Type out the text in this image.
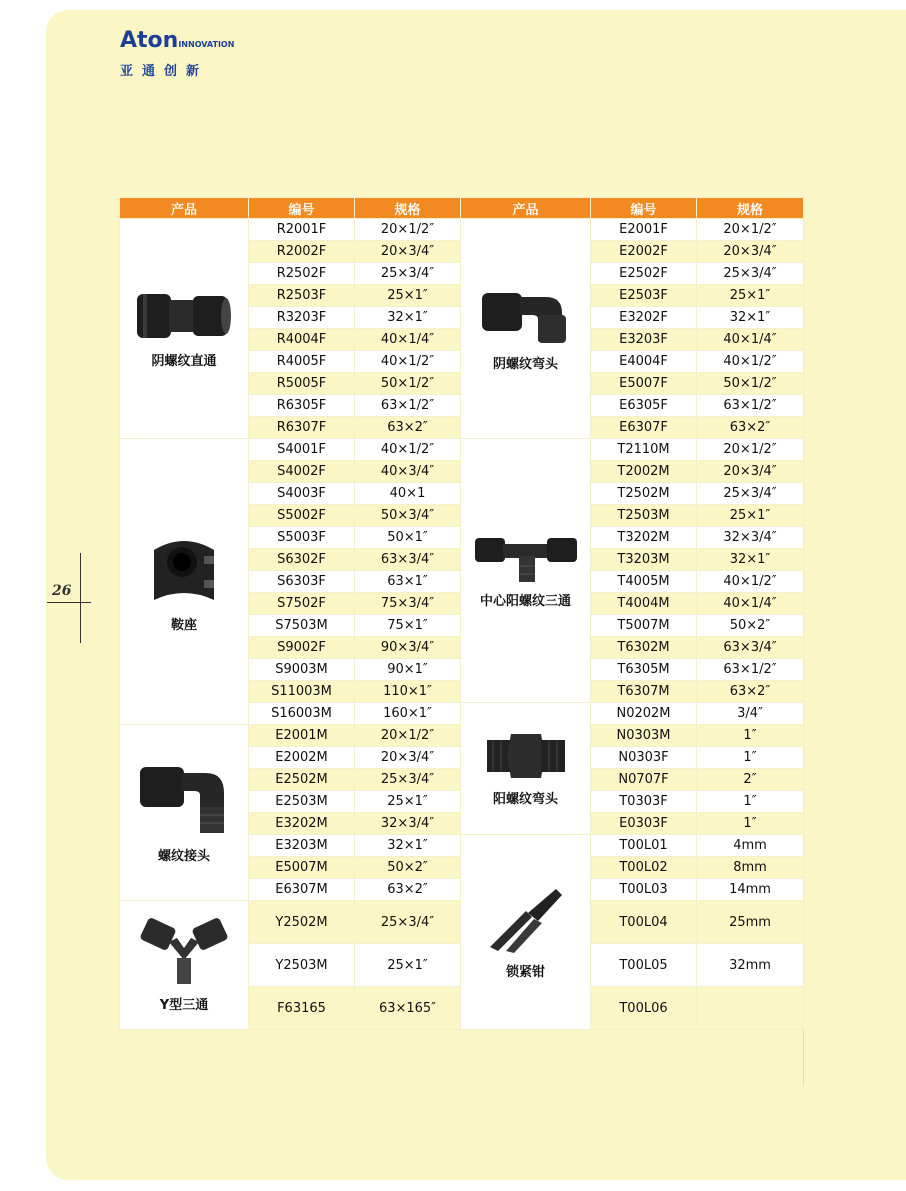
AtonINNOVATION
亚通创新
26
产品	编号	规格	产品	编号	规格

阴螺纹直通	R2001F	20×1/2″	阴螺纹弯头	E2001F	20×1/2″
	R2002F	20×3/4″		E2002F	20×3/4″
	R2502F	25×3/4″		E2502F	25×3/4″
	R2503F	25×1″		E2503F	25×1″
	R3203F	32×1″		E3202F	32×1″
	R4004F	40×1/4″		E3203F	40×1/4″
	R4005F	40×1/2″		E4004F	40×1/2″
	R5005F	50×1/2″		E5007F	50×1/2″
	R6305F	63×1/2″		E6305F	63×1/2″
	R6307F	63×2″		E6307F	63×2″

鞍座	S4001F	40×1/2″	中心阳螺纹三通	T2110M	20×1/2″
	S4002F	40×3/4″		T2002M	20×3/4″
	S4003F	40×1		T2502M	25×3/4″
	S5002F	50×3/4″		T2503M	25×1″
	S5003F	50×1″		T3202M	32×3/4″
	S6302F	63×3/4″		T3203M	32×1″
	S6303F	63×1″		T4005M	40×1/2″
	S7502F	75×3/4″		T4004M	40×1/4″
	S7503M	75×1″		T5007M	50×2″
	S9002F	90×3/4″		T6302M	63×3/4″
	S9003M	90×1″		T6305M	63×1/2″
	S11003M	110×1″		T6307M	63×2″
	S16003M	160×1″	阳螺纹弯头	N0202M	3/4″

螺纹接头	E2001M	20×1/2″		N0303M	1″
	E2002M	20×3/4″		N0303F	1″
	E2502M	25×3/4″		N0707F	2″
	E2503M	25×1″		T0303F	1″
	E3202M	32×3/4″		E0303F	1″
	E3203M	32×1″	锁紧钳	T00L01	4mm
	E5007M	50×2″		T00L02	8mm
	E6307M	63×2″		T00L03	14mm

Y型三通	Y2502M	25×3/4″		T00L04	25mm
	Y2503M	25×1″		T00L05	32mm
	F63165	63×165″		T00L06	
